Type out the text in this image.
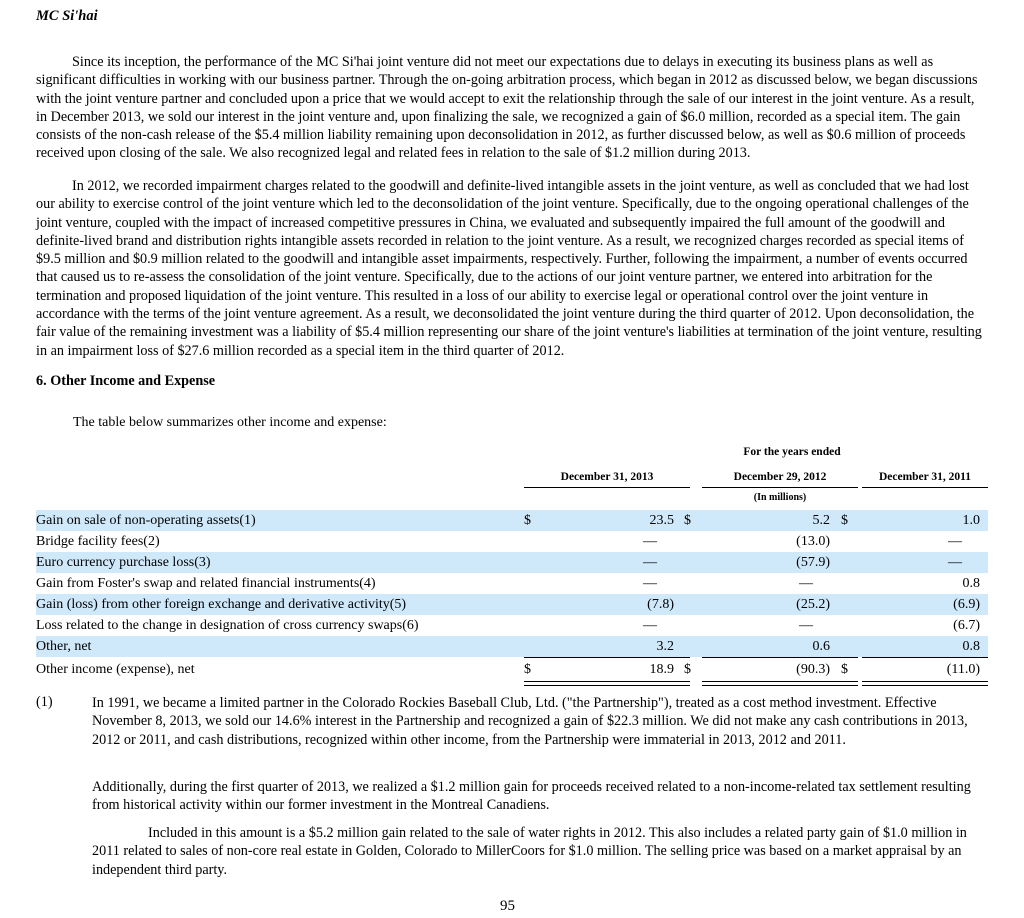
MC Si'hai

Since its inception, the performance of the MC Si'hai joint venture did not meet our expectations due to delays in executing its business plans as well as significant difficulties in working with our business partner. Through the on-going arbitration process, which began in 2012 as discussed below, we began discussions with the joint venture partner and concluded upon a price that we would accept to exit the relationship through the sale of our interest in the joint venture. As a result, in December 2013, we sold our interest in the joint venture and, upon finalizing the sale, we recognized a gain of $6.0 million, recorded as a special item. The gain consists of the non-cash release of the $5.4 million liability remaining upon deconsolidation in 2012, as further discussed below, as well as $0.6 million of proceeds received upon closing of the sale. We also recognized legal and related fees in relation to the sale of $1.2 million during 2013.

In 2012, we recorded impairment charges related to the goodwill and definite-lived intangible assets in the joint venture, as well as concluded that we had lost our ability to exercise control of the joint venture which led to the deconsolidation of the joint venture. Specifically, due to the ongoing operational challenges of the joint venture, coupled with the impact of increased competitive pressures in China, we evaluated and subsequently impaired the full amount of the goodwill and definite-lived brand and distribution rights intangible assets recorded in relation to the joint venture. As a result, we recognized charges recorded as special items of $9.5 million and $0.9 million related to the goodwill and intangible asset impairments, respectively. Further, following the impairment, a number of events occurred that caused us to re-assess the consolidation of the joint venture. Specifically, due to the actions of our joint venture partner, we entered into arbitration for the termination and proposed liquidation of the joint venture. This resulted in a loss of our ability to exercise legal or operational control over the joint venture in accordance with the terms of the joint venture agreement. As a result, we deconsolidated the joint venture during the third quarter of 2012. Upon deconsolidation, the fair value of the remaining investment was a liability of $5.4 million representing our share of the joint venture's liabilities at termination of the joint venture, resulting in an impairment loss of $27.6 million recorded as a special item in the third quarter of 2012.

6. Other Income and Expense
The table below summarizes other income and expense:
For the years ended
December 31, 2013	December 29, 2012	December 31, 2011
(In millions)
Gain on sale of non-operating assets(1)	$	23.5 $	5.2 $	1.0
Bridge facility fees(2)	—	(13.0)	—
Euro currency purchase loss(3)	—	(57.9)	—
Gain from Foster's swap and related financial instruments(4)	—	—	0.8
Gain (loss) from other foreign exchange and derivative activity(5)	(7.8)	(25.2)	(6.9)
Loss related to the change in designation of cross currency swaps(6)	—	—	(6.7)
Other, net	3.2	0.6	0.8
Other income (expense), net	$	18.9 $	(90.3) $	(11.0)
(1)	In 1991, we became a limited partner in the Colorado Rockies Baseball Club, Ltd. ("the Partnership"), treated as a cost method investment. Effective November 8, 2013, we sold our 14.6% interest in the Partnership and recognized a gain of $22.3 million. We did not make any cash contributions in 2013, 2012 or 2011, and cash distributions, recognized within other income, from the Partnership were immaterial in 2013, 2012 and 2011.

Additionally, during the first quarter of 2013, we realized a $1.2 million gain for proceeds received related to a non-income-related tax settlement resulting from historical activity within our former investment in the Montreal Canadiens.

Included in this amount is a $5.2 million gain related to the sale of water rights in 2012. This also includes a related party gain of $1.0 million in 2011 related to sales of non-core real estate in Golden, Colorado to MillerCoors for $1.0 million. The selling price was based on a market appraisal by an independent third party.

95
